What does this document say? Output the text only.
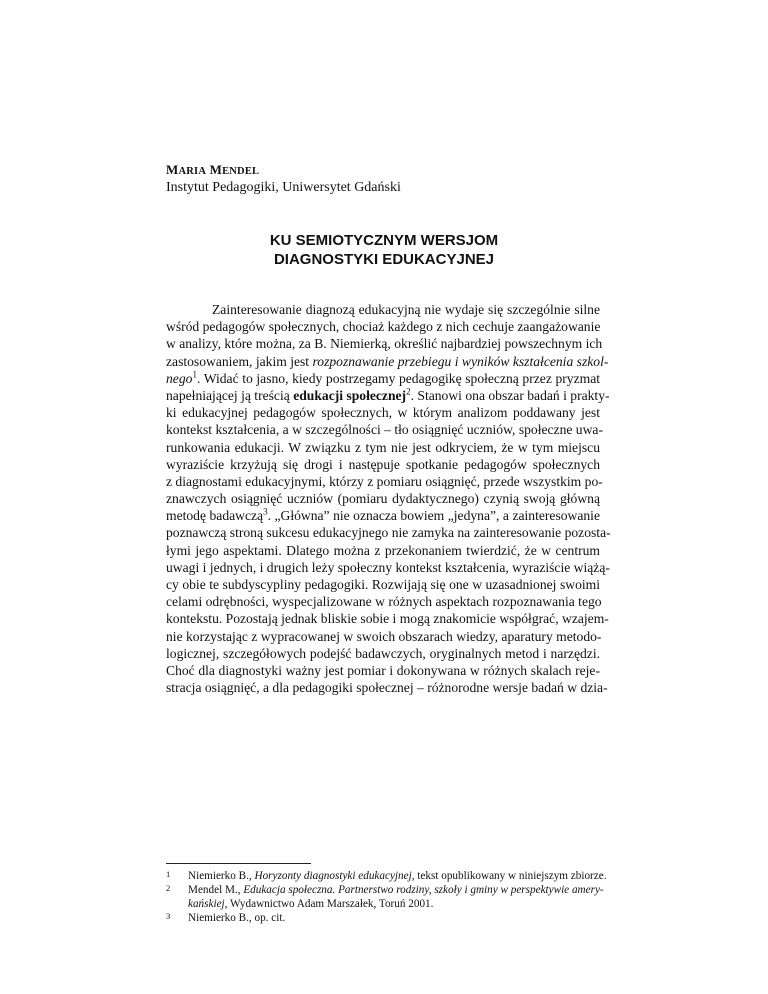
MARIA MENDEL
Instytut Pedagogiki, Uniwersytet Gdański
KU SEMIOTYCZNYM WERSJOM
DIAGNOSTYKI EDUKACYJNEJ
Zainteresowanie diagnozą edukacyjną nie wydaje się szczególnie silne
wśród pedagogów społecznych, chociaż każdego z nich cechuje zaangażowanie
w analizy, które można, za B. Niemierką, określić najbardziej powszechnym ich
zastosowaniem, jakim jest rozpoznawanie przebiegu i wyników kształcenia szkol-
nego$^1$. Widać to jasno, kiedy postrzegamy pedagogikę społeczną przez pryzmat
napełniającej ją treścią edukacji społecznej$^2$. Stanowi ona obszar badań i prakty-
ki edukacyjnej pedagogów społecznych, w którym analizom poddawany jest
kontekst kształcenia, a w szczególności – tło osiągnięć uczniów, społeczne uwa-
runkowania edukacji. W związku z tym nie jest odkryciem, że w tym miejscu
wyraziście krzyżują się drogi i następuje spotkanie pedagogów społecznych
z diagnostami edukacyjnymi, którzy z pomiaru osiągnięć, przede wszystkim po-
znawczych osiągnięć uczniów (pomiaru dydaktycznego) czynią swoją główną
metodę badawczą$^3$. „Główna” nie oznacza bowiem „jedyna”, a zainteresowanie
poznawczą stroną sukcesu edukacyjnego nie zamyka na zainteresowanie pozosta-
łymi jego aspektami. Dlatego można z przekonaniem twierdzić, że w centrum
uwagi i jednych, i drugich leży społeczny kontekst kształcenia, wyraziście wiążą-
cy obie te subdyscypliny pedagogiki. Rozwijają się one w uzasadnionej swoimi
celami odrębności, wyspecjalizowane w różnych aspektach rozpoznawania tego
kontekstu. Pozostają jednak bliskie sobie i mogą znakomicie współgrać, wzajem-
nie korzystając z wypracowanej w swoich obszarach wiedzy, aparatury metodo-
logicznej, szczegółowych podejść badawczych, oryginalnych metod i narzędzi.
Choć dla diagnostyki ważny jest pomiar i dokonywana w różnych skalach reje-
stracja osiągnięć, a dla pedagogiki społecznej – różnorodne wersje badań w dzia-
1 Niemierko B., Horyzonty diagnostyki edukacyjnej, tekst opublikowany w niniejszym zbiorze.
2 Mendel M., Edukacja społeczna. Partnerstwo rodziny, szkoły i gminy w perspektywie amery-
kańskiej, Wydawnictwo Adam Marszałek, Toruń 2001.
3 Niemierko B., op. cit.
